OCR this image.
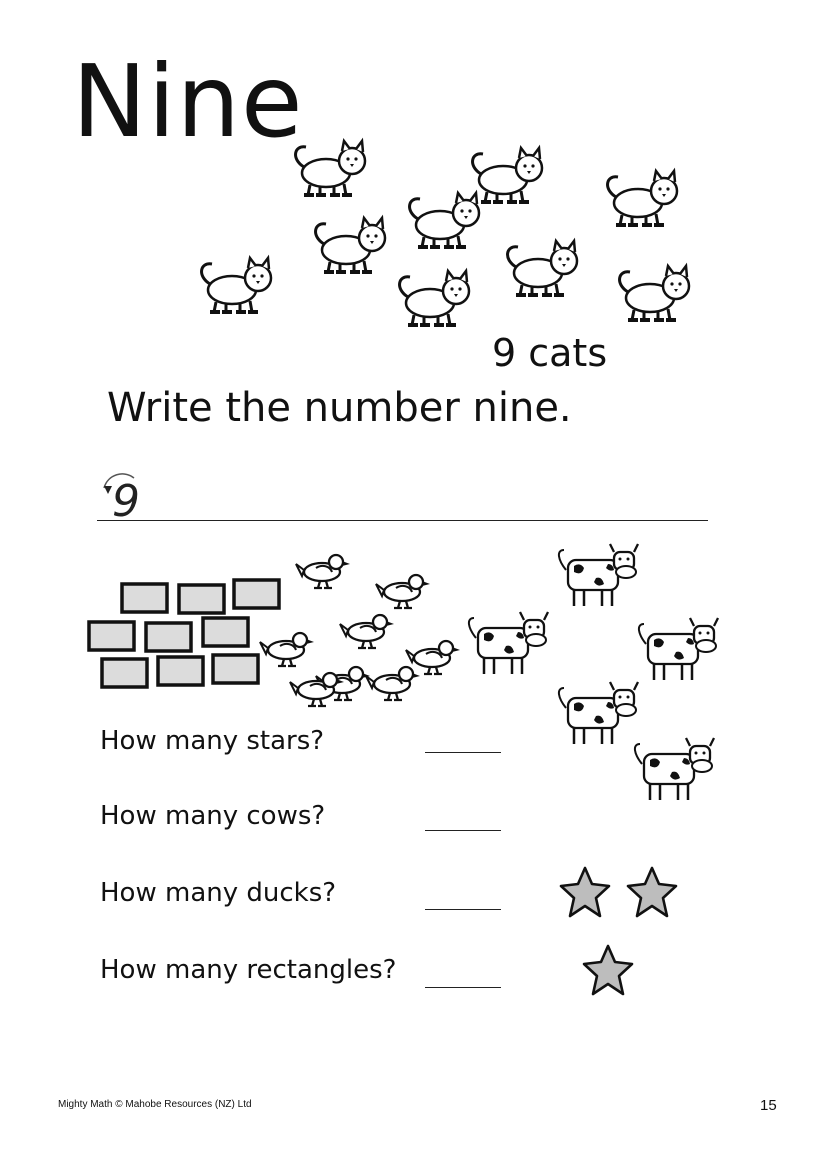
Nine
9 cats
Write the number nine.
9
How many stars?
How many cows?
How many ducks?
How many rectangles?
Mighty Math © Mahobe Resources (NZ) Ltd	15
